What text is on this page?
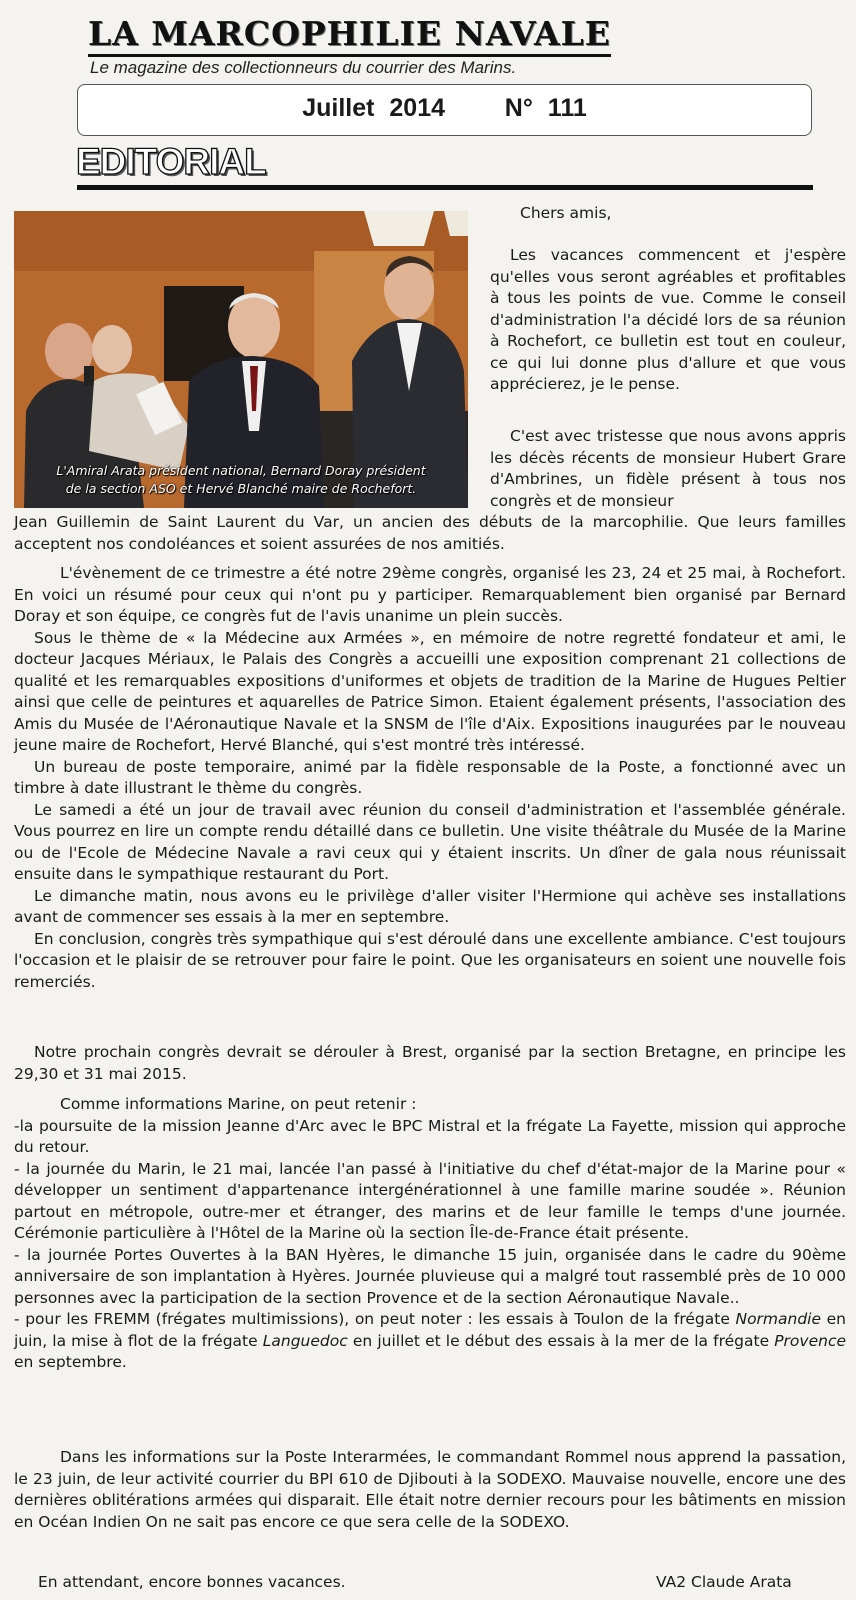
LA MARCOPHILIE NAVALE
Le magazine des collectionneurs du courrier des Marins.
Juillet 2014    N° 111
EDITORIAL
L'Amiral Arata président national, Bernard Doray président
de la section ASO et Hervé Blanché maire de Rochefort.

Chers amis,

Les vacances commencent et j'espère qu'elles vous seront agréables et profitables à tous les points de vue. Comme le conseil d'administration l'a décidé lors de sa réunion à Rochefort, ce bulletin est tout en couleur, ce qui lui donne plus d'allure et que vous apprécierez, je le pense.

C'est avec tristesse que nous avons appris les décès récents de monsieur Hubert Grare d'Ambrines, un fidèle présent à tous nos congrès et de monsieur

Jean Guillemin de Saint Laurent du Var, un ancien des débuts de la marcophilie. Que leurs familles acceptent nos condoléances et soient assurées de nos amitiés.

L'évènement de ce trimestre a été notre 29ème congrès, organisé les 23, 24 et 25 mai, à Rochefort. En voici un résumé pour ceux qui n'ont pu y participer. Remarquablement bien organisé par Bernard Doray et son équipe, ce congrès fut de l'avis unanime un plein succès.

Sous le thème de « la Médecine aux Armées », en mémoire de notre regretté fondateur et ami, le docteur Jacques Mériaux, le Palais des Congrès a accueilli une exposition comprenant 21 collections de qualité et les remarquables expositions d'uniformes et objets de tradition de la Marine de Hugues Peltier ainsi que celle de peintures et aquarelles de Patrice Simon. Etaient également présents, l'association des Amis du Musée de l'Aéronautique Navale et la SNSM de l'île d'Aix. Expositions inaugurées par le nouveau jeune maire de Rochefort, Hervé Blanché, qui s'est montré très intéressé.

Un bureau de poste temporaire, animé par la fidèle responsable de la Poste, a fonctionné avec un timbre à date illustrant le thème du congrès.

Le samedi a été un jour de travail avec réunion du conseil d'administration et l'assemblée générale. Vous pourrez en lire un compte rendu détaillé dans ce bulletin. Une visite théâtrale du Musée de la Marine ou de l'Ecole de Médecine Navale a ravi ceux qui y étaient inscrits. Un dîner de gala nous réunissait ensuite dans le sympathique restaurant du Port.

Le dimanche matin, nous avons eu le privilège d'aller visiter l'Hermione qui achève ses installations avant de commencer ses essais à la mer en septembre.

En conclusion, congrès très sympathique qui s'est déroulé dans une excellente ambiance. C'est toujours l'occasion et le plaisir de se retrouver pour faire le point. Que les organisateurs en soient une nouvelle fois remerciés.

Notre prochain congrès devrait se dérouler à Brest, organisé par la section Bretagne, en principe les 29,30 et 31 mai 2015.

Comme informations Marine, on peut retenir :

-la poursuite de la mission Jeanne d'Arc avec le BPC Mistral et la frégate La Fayette, mission qui approche du retour.

- la journée du Marin, le 21 mai, lancée l'an passé à l'initiative du chef d'état-major de la Marine pour « développer un sentiment d'appartenance intergénérationnel à une famille marine soudée ». Réunion partout en métropole, outre-mer et étranger, des marins et de leur famille le temps d'une journée. Cérémonie particulière à l'Hôtel de la Marine où la section Île-de-France était présente.

- la journée Portes Ouvertes à la BAN Hyères, le dimanche 15 juin, organisée dans le cadre du 90ème anniversaire de son implantation à Hyères. Journée pluvieuse qui a malgré tout rassemblé près de 10 000 personnes avec la participation de la section Provence et de la section Aéronautique Navale..

- pour les FREMM (frégates multimissions), on peut noter : les essais à Toulon de la frégate Normandie en juin, la mise à flot de la frégate Languedoc en juillet et le début des essais à la mer de la frégate Provence en septembre.

Dans les informations sur la Poste Interarmées, le commandant Rommel nous apprend la passation, le 23 juin, de leur activité courrier du BPI 610 de Djibouti à la SODEXO. Mauvaise nouvelle, encore une des dernières oblitérations armées qui disparait. Elle était notre dernier recours pour les bâtiments en mission en Océan Indien On ne sait pas encore ce que sera celle de la SODEXO.

En attendant, encore bonnes vacances.	VA2 Claude Arata
